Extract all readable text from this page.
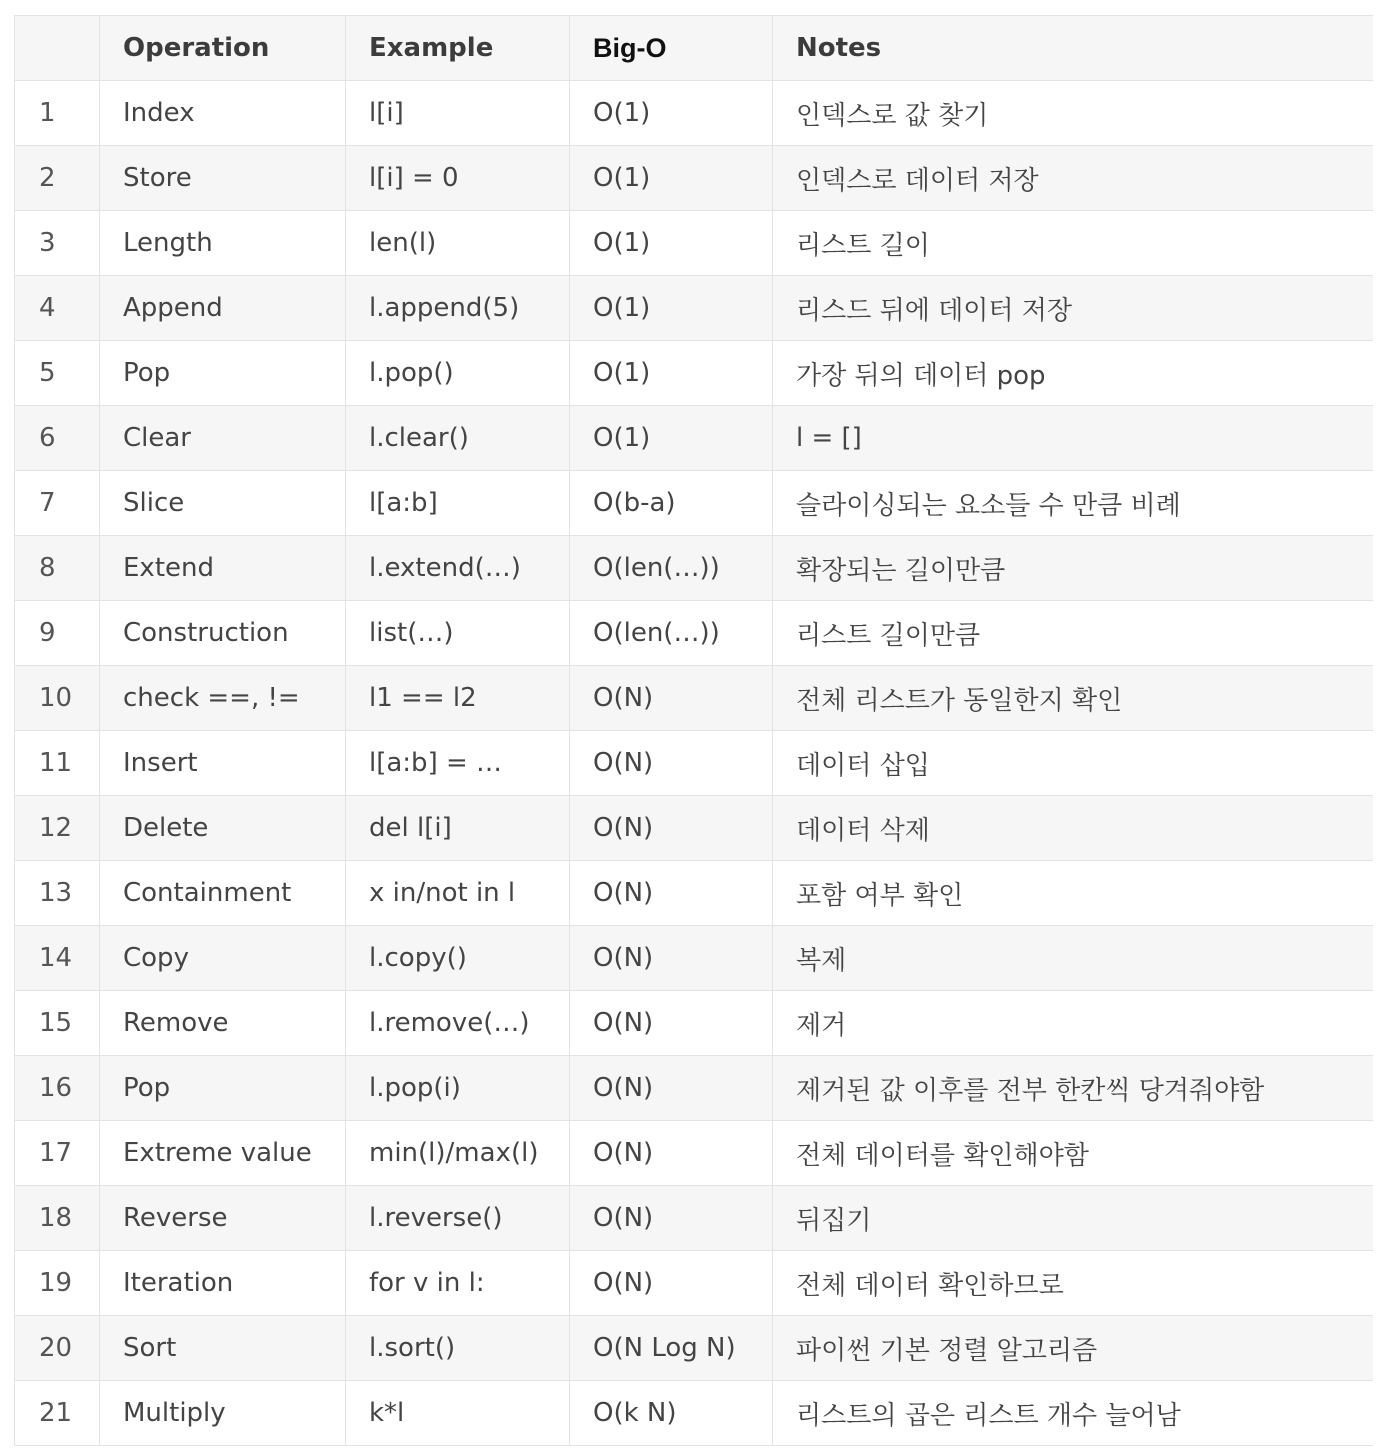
	Operation	Example	Big-O	Notes
1	Index	l[i]	O(1)	인덱스로 값 찾기
2	Store	l[i] = 0	O(1)	인덱스로 데이터 저장
3	Length	len(l)	O(1)	리스트 길이
4	Append	l.append(5)	O(1)	리스드 뒤에 데이터 저장
5	Pop	l.pop()	O(1)	가장 뒤의 데이터 pop
6	Clear	l.clear()	O(1)	l = []
7	Slice	l[a:b]	O(b-a)	슬라이싱되는 요소들 수 만큼 비례
8	Extend	l.extend(…)	O(len(…))	확장되는 길이만큼
9	Construction	list(…)	O(len(…))	리스트 길이만큼
10	check ==, !=	l1 == l2	O(N)	전체 리스트가 동일한지 확인
11	Insert	l[a:b] = …	O(N)	데이터 삽입
12	Delete	del l[i]	O(N)	데이터 삭제
13	Containment	x in/not in l	O(N)	포함 여부 확인
14	Copy	l.copy()	O(N)	복제
15	Remove	l.remove(…)	O(N)	제거
16	Pop	l.pop(i)	O(N)	제거된 값 이후를 전부 한칸씩 당겨줘야함
17	Extreme value	min(l)/max(l)	O(N)	전체 데이터를 확인해야함
18	Reverse	l.reverse()	O(N)	뒤집기
19	Iteration	for v in l:	O(N)	전체 데이터 확인하므로
20	Sort	l.sort()	O(N Log N)	파이썬 기본 정렬 알고리즘
21	Multiply	k*l	O(k N)	리스트의 곱은 리스트 개수 늘어남
